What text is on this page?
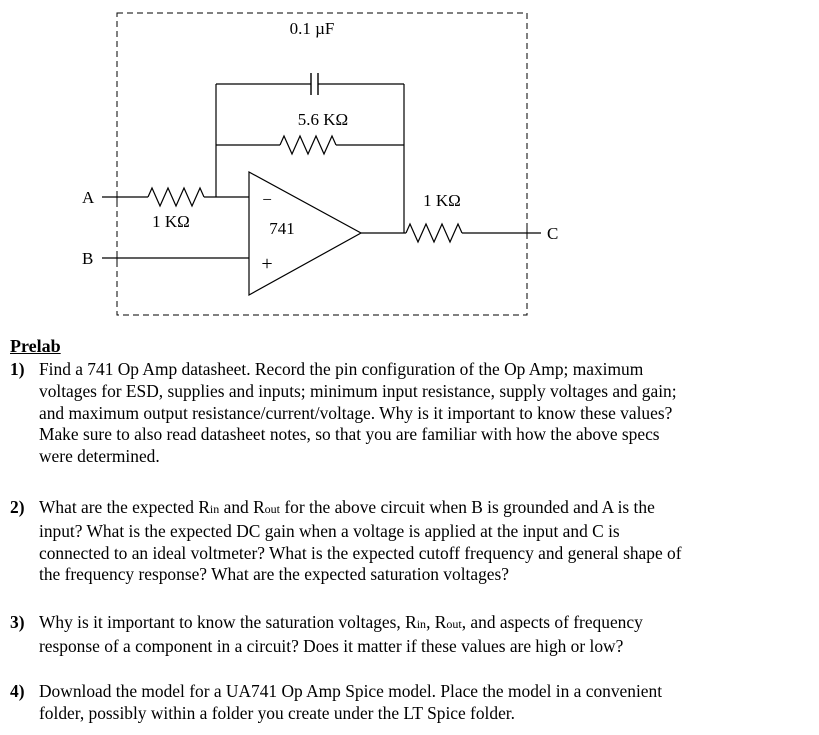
0.1 µF
5.6 KΩ
1 KΩ
1 KΩ
741
−
+
A
B
C
Prelab
1) Find a 741 Op Amp datasheet. Record the pin configuration of the Op Amp; maximum
voltages for ESD, supplies and inputs; minimum input resistance, supply voltages and gain;
and maximum output resistance/current/voltage. Why is it important to know these values?
Make sure to also read datasheet notes, so that you are familiar with how the above specs
were determined.
2) What are the expected Rin and Rout for the above circuit when B is grounded and A is the
input? What is the expected DC gain when a voltage is applied at the input and C is
connected to an ideal voltmeter? What is the expected cutoff frequency and general shape of
the frequency response? What are the expected saturation voltages?
3) Why is it important to know the saturation voltages, Rin, Rout, and aspects of frequency
response of a component in a circuit? Does it matter if these values are high or low?
4) Download the model for a UA741 Op Amp Spice model. Place the model in a convenient
folder, possibly within a folder you create under the LT Spice folder.
